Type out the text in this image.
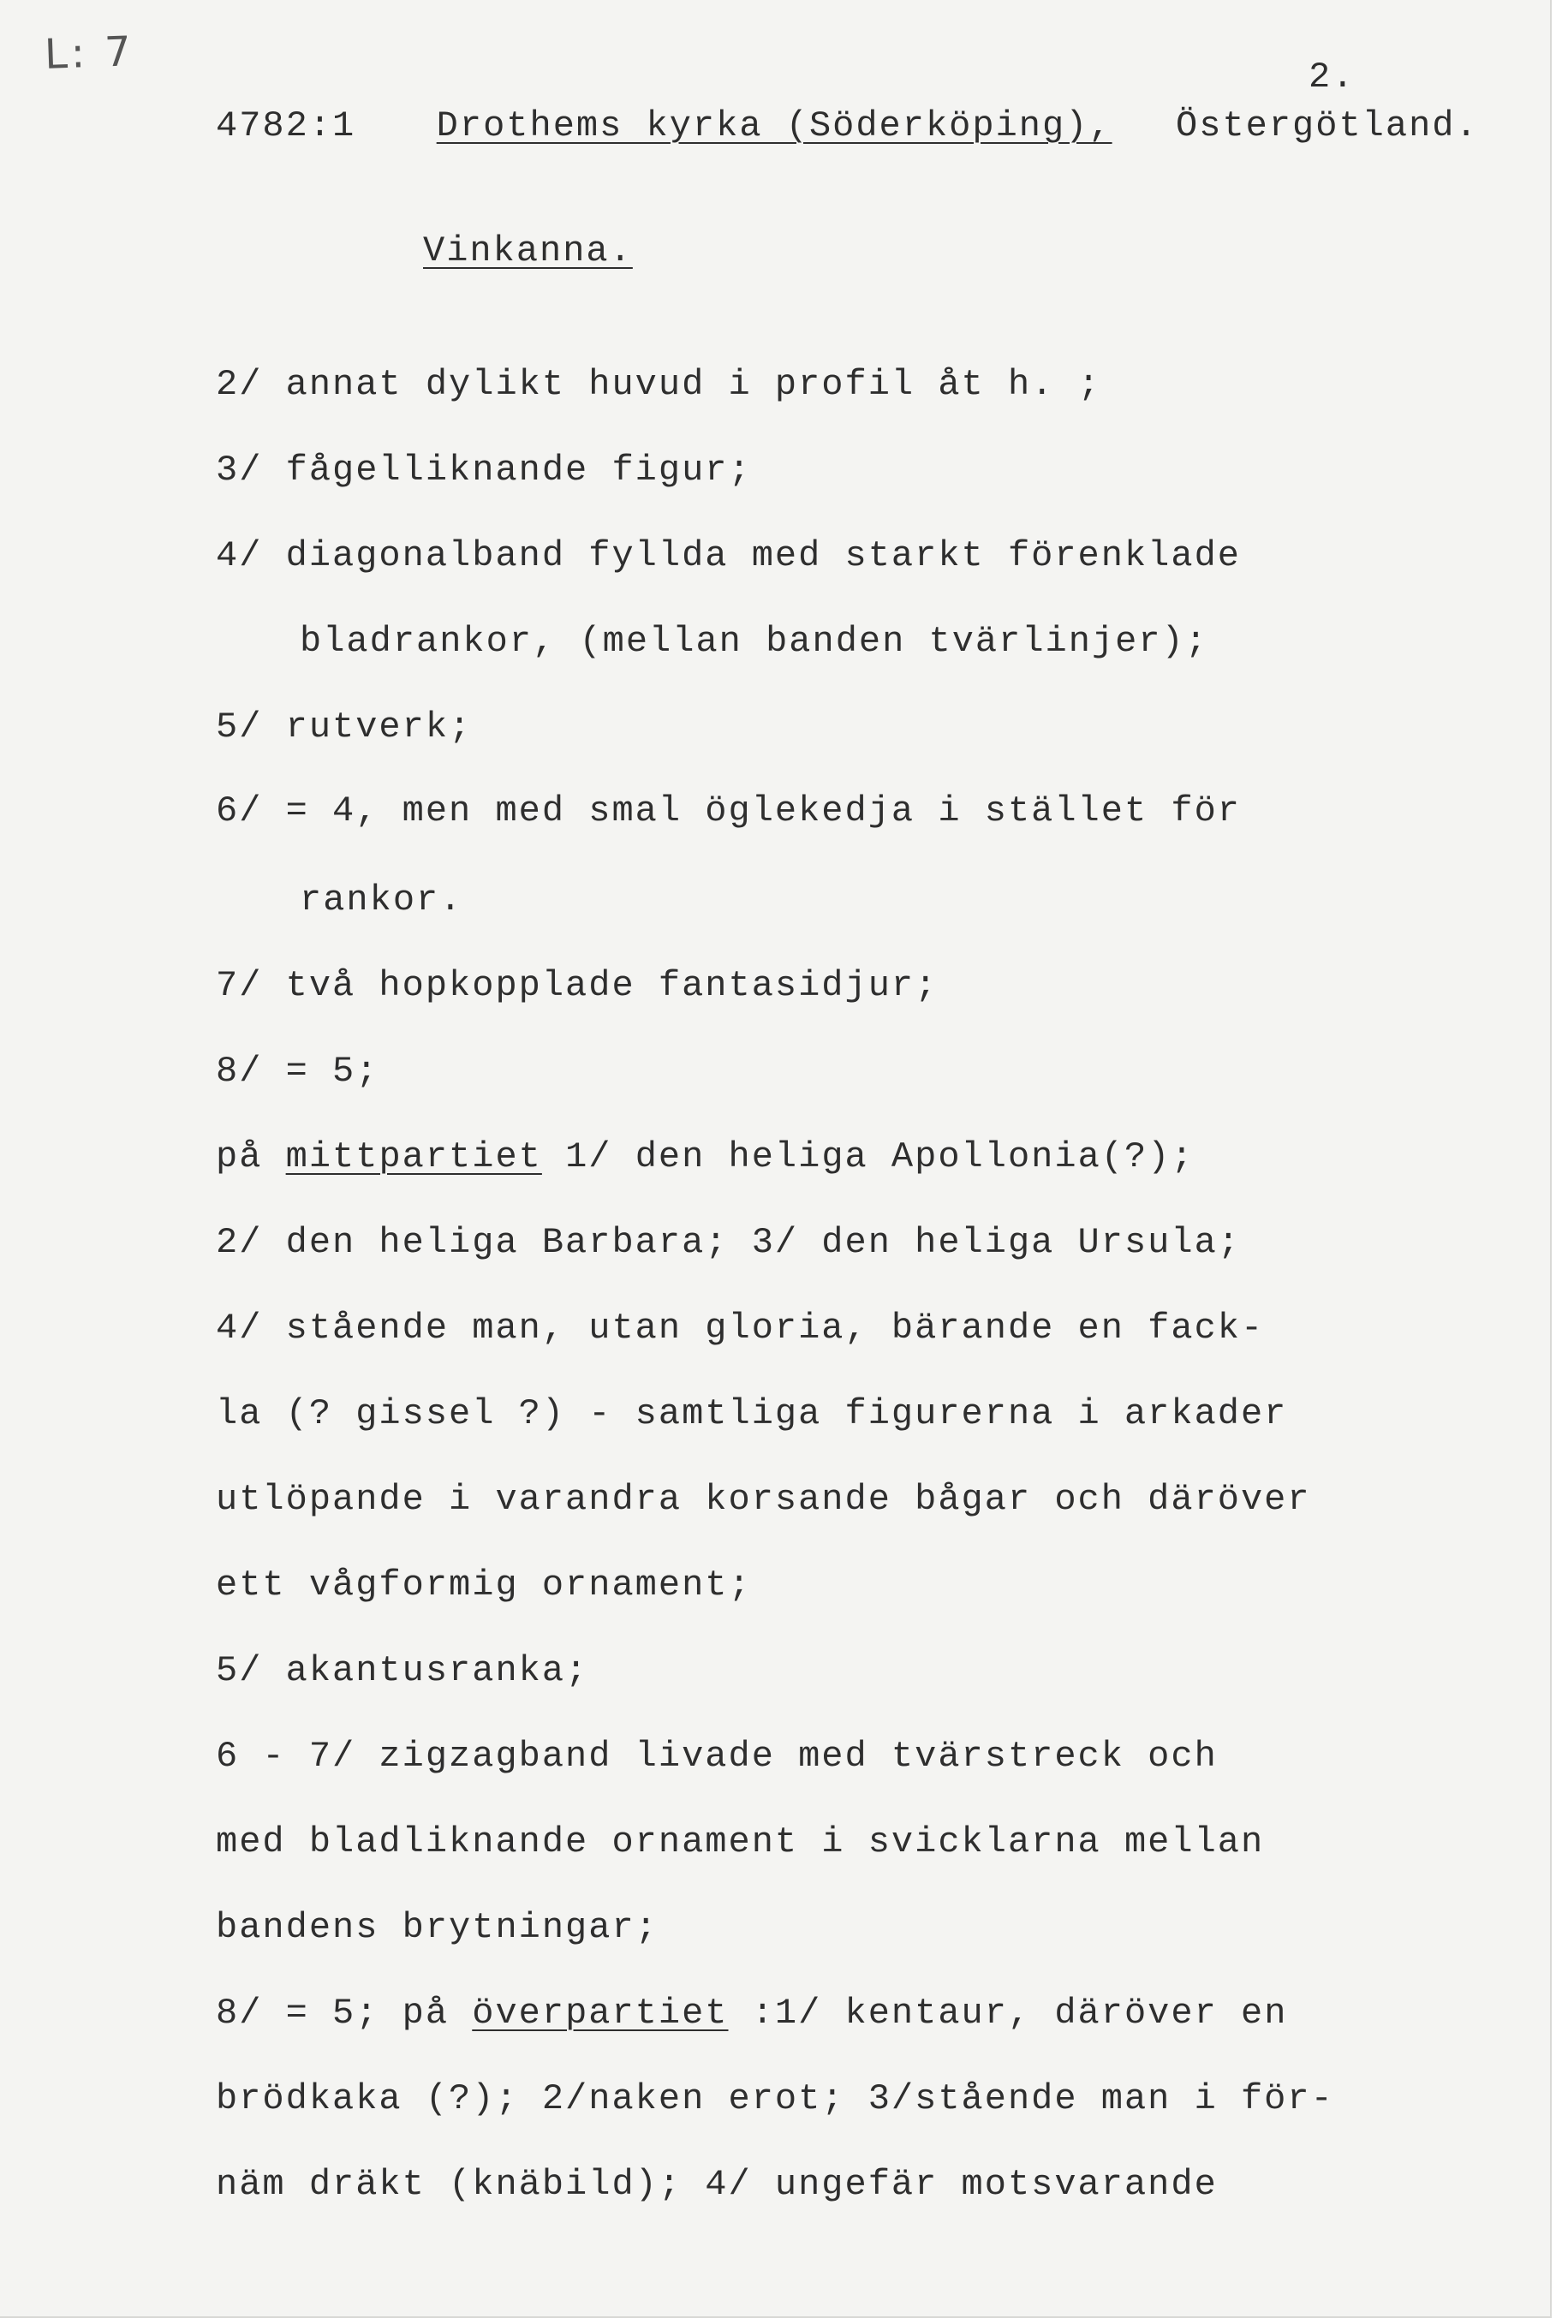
L: 7	2.
4782:1 Drothems kyrka (Söderköping), Östergötland.
Vinkanna.
2/ annat dylikt huvud i profil åt h. ;
3/ fågelliknande figur;
4/ diagonalband fyllda med starkt förenklade
bladrankor, (mellan banden tvärlinjer);
5/ rutverk;
6/ = 4, men med smal öglekedja i stället för
rankor.
7/ två hopkopplade fantasidjur;
8/ = 5;
på mittpartiet 1/ den heliga Apollonia(?);
2/ den heliga Barbara; 3/ den heliga Ursula;
4/ stående man, utan gloria, bärande en fack-
la (? gissel ?) - samtliga figurerna i arkader
utlöpande i varandra korsande bågar och däröver
ett vågformig ornament;
5/ akantusranka;
6 - 7/ zigzagband livade med tvärstreck och
med bladliknande ornament i svicklarna mellan
bandens brytningar;
8/ = 5; på överpartiet :1/ kentaur, däröver en
brödkaka (?); 2/naken erot; 3/stående man i för-
näm dräkt (knäbild); 4/ ungefär motsvarande
